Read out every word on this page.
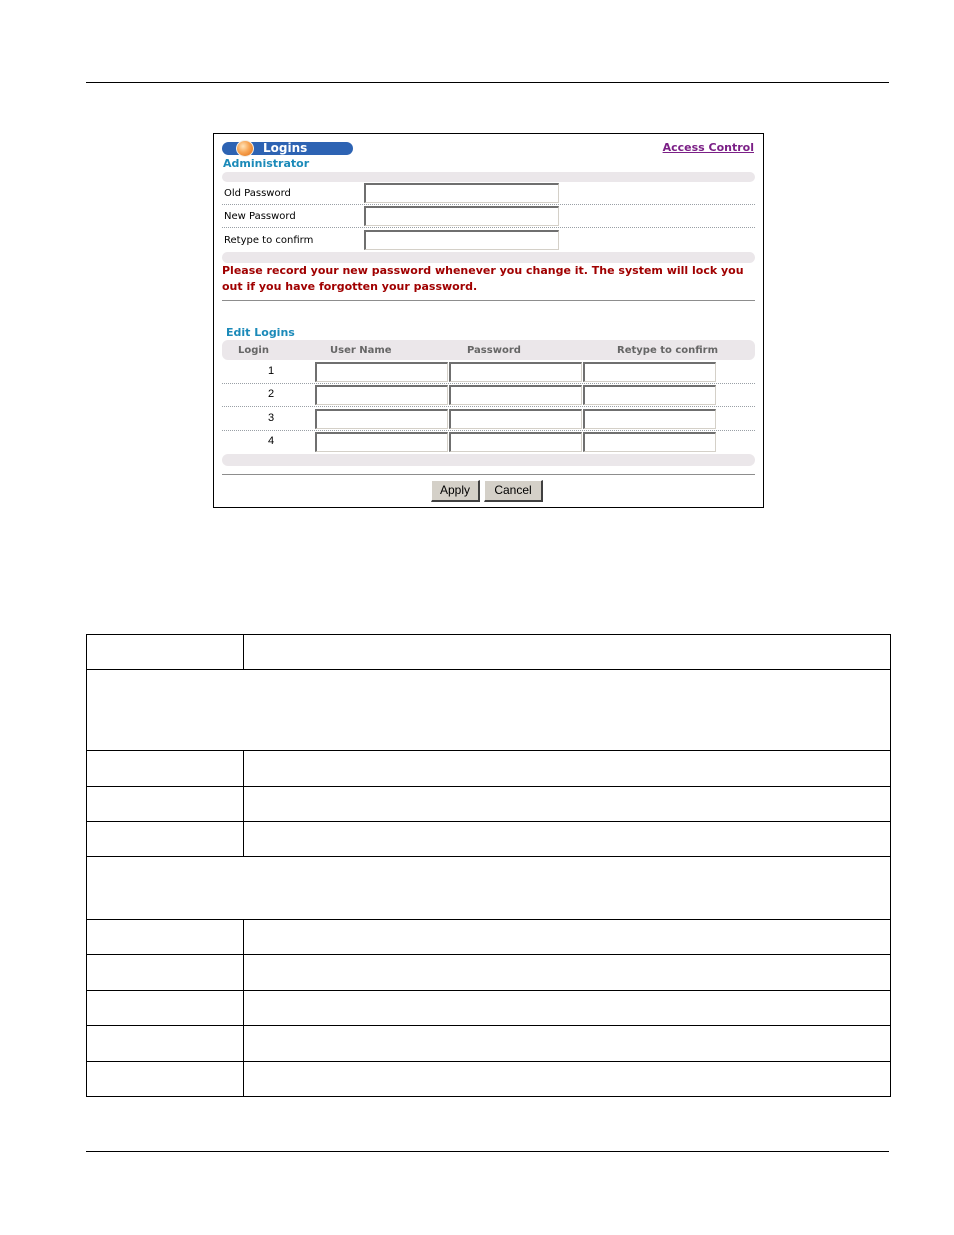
Logins	Access Control
Administrator
Old Password
New Password
Retype to confirm
Please record your new password whenever you change it. The system will lock you out if you have forgotten your password.
Edit Logins
Login	User Name	Password	Retype to confirm
1
2
3
4
Apply	Cancel
